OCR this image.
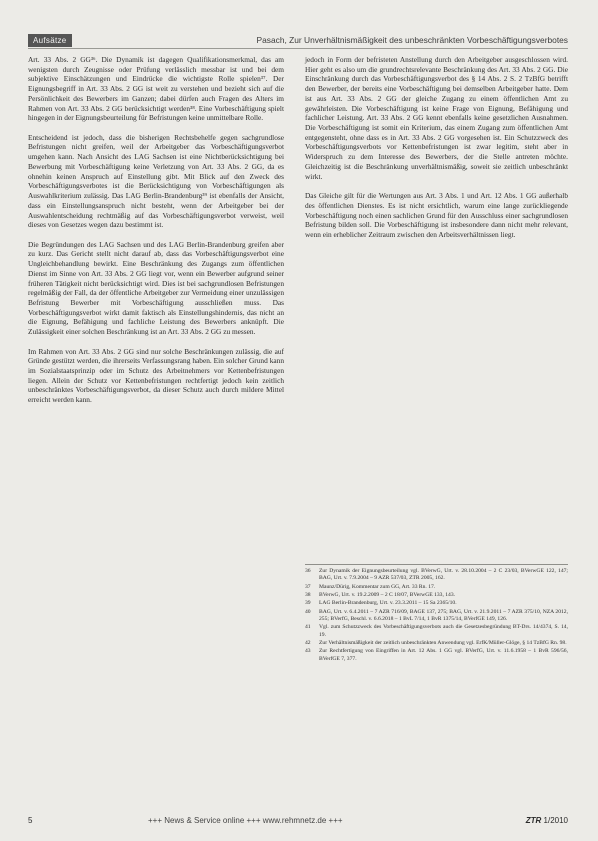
Aufsätze	Pasach, Zur Unverhältnismäßigkeit des unbeschränkten Vorbeschäftigungsverbotes

Art. 33 Abs. 2 GG³⁶. Die Dynamik ist dagegen Qualifikationsmerkmal, das am wenigsten durch Zeugnisse oder Prüfung verlässlich messbar ist und bei dem subjektive Einschätzungen und Eindrücke die wichtigste Rolle spielen³⁷. Der Eignungsbegriff in Art. 33 Abs. 2 GG ist weit zu verstehen und bezieht sich auf die Persönlichkeit des Bewerbers im Ganzen; dabei dürfen auch Fragen des Alters im Rahmen von Art. 33 Abs. 2 GG berücksichtigt werden³⁸. Eine Vorbeschäftigung spielt hingegen in der Eignungsbeurteilung für Befristungen keine unmittelbare Rolle.

Entscheidend ist jedoch, dass die bisherigen Rechtsbehelfe gegen sachgrundlose Befristungen nicht greifen, weil der Arbeitgeber das Vorbeschäftigungsverbot umgehen kann. Nach Ansicht des LAG Sachsen ist eine Nichtberücksichtigung bei Bewerbung mit Vorbeschäftigung keine Verletzung von Art. 33 Abs. 2 GG, da es ohnehin keinen Anspruch auf Einstellung gibt. Mit Blick auf den Zweck des Vorbeschäftigungsverbotes ist die Berücksichtigung von Vorbeschäftigungen als Auswahlkriterium zulässig. Das LAG Berlin-Brandenburg³⁹ ist ebenfalls der Ansicht, dass ein Einstellungsanspruch nicht besteht, wenn der Arbeitgeber bei der Auswahlentscheidung rechtmäßig auf das Vorbeschäftigungsverbot verweist, weil dieses von Gesetzes wegen dazu bestimmt ist.

Die Begründungen des LAG Sachsen und des LAG Berlin-Brandenburg greifen aber zu kurz. Das Gericht stellt nicht darauf ab, dass das Vorbeschäftigungsverbot eine Ungleichbehandlung bewirkt. Eine Beschränkung des Zugangs zum öffentlichen Dienst im Sinne von Art. 33 Abs. 2 GG liegt vor, wenn ein Bewerber aufgrund seiner früheren Tätigkeit nicht berücksichtigt wird. Dies ist bei sachgrundlosen Befristungen regelmäßig der Fall, da der öffentliche Arbeitgeber zur Vermeidung einer unzulässigen Befristung Bewerber mit Vorbeschäftigung ausschließen muss. Das Vorbeschäftigungsverbot wirkt damit faktisch als Einstellungshindernis, das nicht an die Eignung, Befähigung und fachliche Leistung des Bewerbers anknüpft. Die Zulässigkeit einer solchen Beschränkung ist an Art. 33 Abs. 2 GG zu messen.

Im Rahmen von Art. 33 Abs. 2 GG sind nur solche Beschränkungen zulässig, die auf Gründe gestützt werden, die ihrerseits Verfassungsrang haben. Ein solcher Grund kann im Sozialstaatsprinzip oder im Schutz des Arbeitnehmers vor Kettenbefristungen liegen. Allein der Schutz vor Kettenbefristungen rechtfertigt jedoch kein zeitlich unbeschränktes Vorbeschäftigungsverbot, da dieser Schutz auch durch mildere Mittel erreicht werden kann.

jedoch in Form der befristeten Anstellung durch den Arbeitgeber ausgeschlossen wird. Hier geht es also um die grundrechtsrelevante Beschränkung des Art. 33 Abs. 2 GG. Die Einschränkung durch das Vorbeschäftigungsverbot des § 14 Abs. 2 S. 2 TzBfG betrifft den Bewerber, der bereits eine Vorbeschäftigung bei demselben Arbeitgeber hatte. Dem ist aus Art. 33 Abs. 2 GG der gleiche Zugang zu einem öffentlichen Amt zu gewährleisten. Die Vorbeschäftigung ist keine Frage von Eignung, Befähigung und fachlicher Leistung. Art. 33 Abs. 2 GG kennt ebenfalls keine gesetzlichen Ausnahmen. Die Vorbeschäftigung ist somit ein Kriterium, das einem Zugang zum öffentlichen Amt entgegensteht, ohne dass es in Art. 33 Abs. 2 GG vorgesehen ist. Ein Schutzzweck des Vorbeschäftigungsverbots vor Kettenbefristungen ist zwar legitim, steht aber in Widerspruch zu dem Interesse des Bewerbers, der die Stelle antreten möchte. Gleichzeitig ist die Beschränkung unverhältnismäßig, soweit sie zeitlich unbeschränkt wirkt.

Das Gleiche gilt für die Wertungen aus Art. 3 Abs. 1 und Art. 12 Abs. 1 GG außerhalb des öffentlichen Dienstes. Es ist nicht ersichtlich, warum eine lange zurückliegende Vorbeschäftigung noch einen sachlichen Grund für den Ausschluss einer sachgrundlosen Befristung bilden soll. Die Vorbeschäftigung ist insbesondere dann nicht mehr relevant, wenn ein erheblicher Zeitraum zwischen den Arbeitsverhältnissen liegt.

36	Zur Dynamik der Eignungsbeurteilung vgl. BVerwG, Urt. v. 28.10.2004 – 2 C 23/03, BVerwGE 122, 147; BAG, Urt. v. 7.9.2004 – 9 AZR 537/03, ZTR 2005, 162.
37	Maunz/Dürig, Kommentar zum GG, Art. 33 Rn. 17.
38	BVerwG, Urt. v. 19.2.2009 – 2 C 18/07, BVerwGE 133, 143.
39	LAG Berlin-Brandenburg, Urt. v. 23.3.2011 – 15 Sa 2365/10.
40	BAG, Urt. v. 6.4.2011 – 7 AZR 716/09, BAGE 137, 275; BAG, Urt. v. 21.9.2011 – 7 AZR 375/10, NZA 2012, 255; BVerfG, Beschl. v. 6.6.2018 – 1 BvL 7/14, 1 BvR 1375/14, BVerfGE 149, 126.
41	Vgl. zum Schutzzweck des Vorbeschäftigungsverbots auch die Gesetzesbegründung BT-Drs. 14/4374, S. 14, 19.
42	Zur Verhältnismäßigkeit der zeitlich unbeschränkten Anwendung vgl. ErfK/Müller-Glöge, § 14 TzBfG Rn. 98.
43	Zur Rechtfertigung von Eingriffen in Art. 12 Abs. 1 GG vgl. BVerfG, Urt. v. 11.6.1958 – 1 BvR 596/56, BVerfGE 7, 377.
5	+++ News & Service online +++ www.rehmnetz.de +++	ZTR 1/2010
